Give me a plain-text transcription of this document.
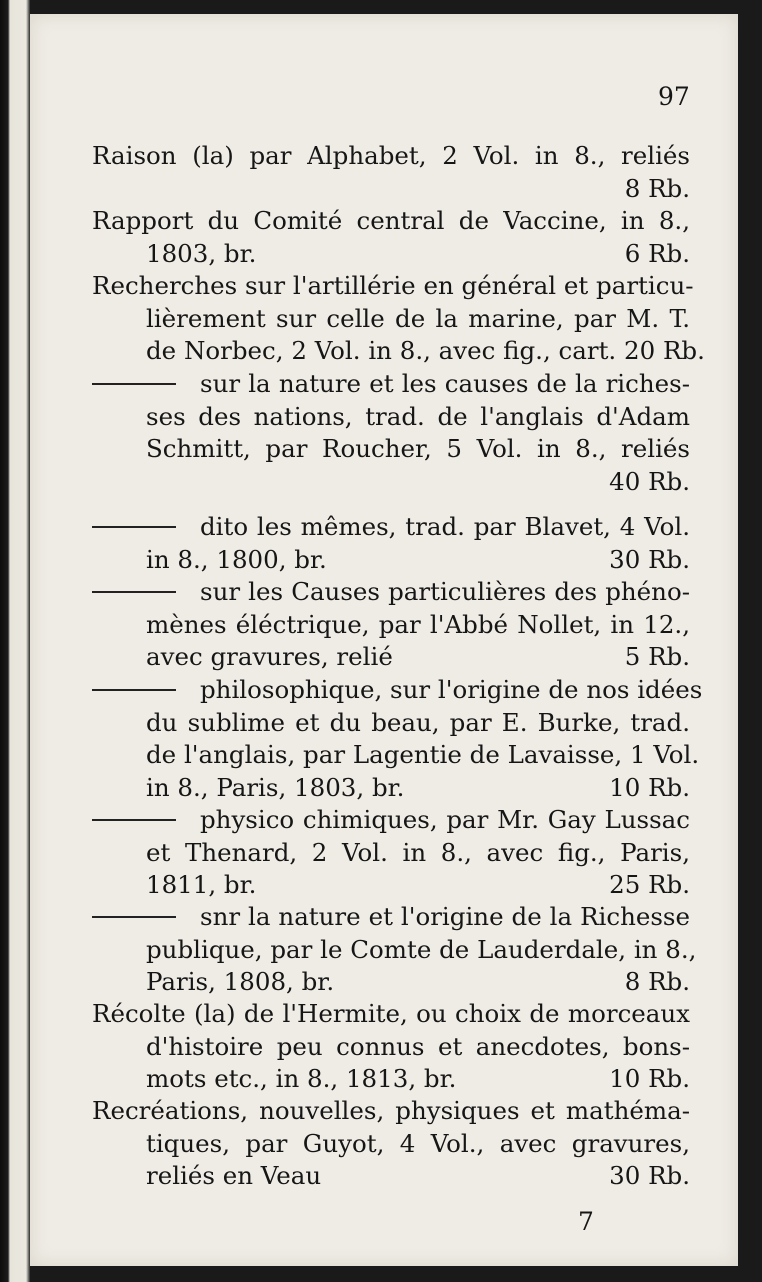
97
Raison (la) par Alphabet, 2 Vol. in 8., reliés
8 Rb.
Rapport du Comité central de Vaccine, in 8.,
1803, br.	6 Rb.
Recherches sur l'artillérie en général et particu-
lièrement sur celle de la marine, par M. T.
de Norbec, 2 Vol. in 8., avec fig., cart. 20 Rb.
sur la nature et les causes de la riches-
ses des nations, trad. de l'anglais d'Adam
Schmitt, par Roucher, 5 Vol. in 8., reliés
40 Rb.
dito les mêmes, trad. par Blavet, 4 Vol.
in 8., 1800, br.	30 Rb.
sur les Causes particulières des phéno-
mènes éléctrique, par l'Abbé Nollet, in 12.,
avec gravures, relié	5 Rb.
philosophique, sur l'origine de nos idées
du sublime et du beau, par E. Burke, trad.
de l'anglais, par Lagentie de Lavaisse, 1 Vol.
in 8., Paris, 1803, br.	10 Rb.
physico chimiques, par Mr. Gay Lussac
et Thenard, 2 Vol. in 8., avec fig., Paris,
1811, br.	25 Rb.
snr la nature et l'origine de la Richesse
publique, par le Comte de Lauderdale, in 8.,
Paris, 1808, br.	8 Rb.
Récolte (la) de l'Hermite, ou choix de morceaux
d'histoire peu connus et anecdotes, bons-
mots etc., in 8., 1813, br.	10 Rb.
Recréations, nouvelles, physiques et mathéma-
tiques, par Guyot, 4 Vol., avec gravures,
reliés en Veau	30 Rb.
7
